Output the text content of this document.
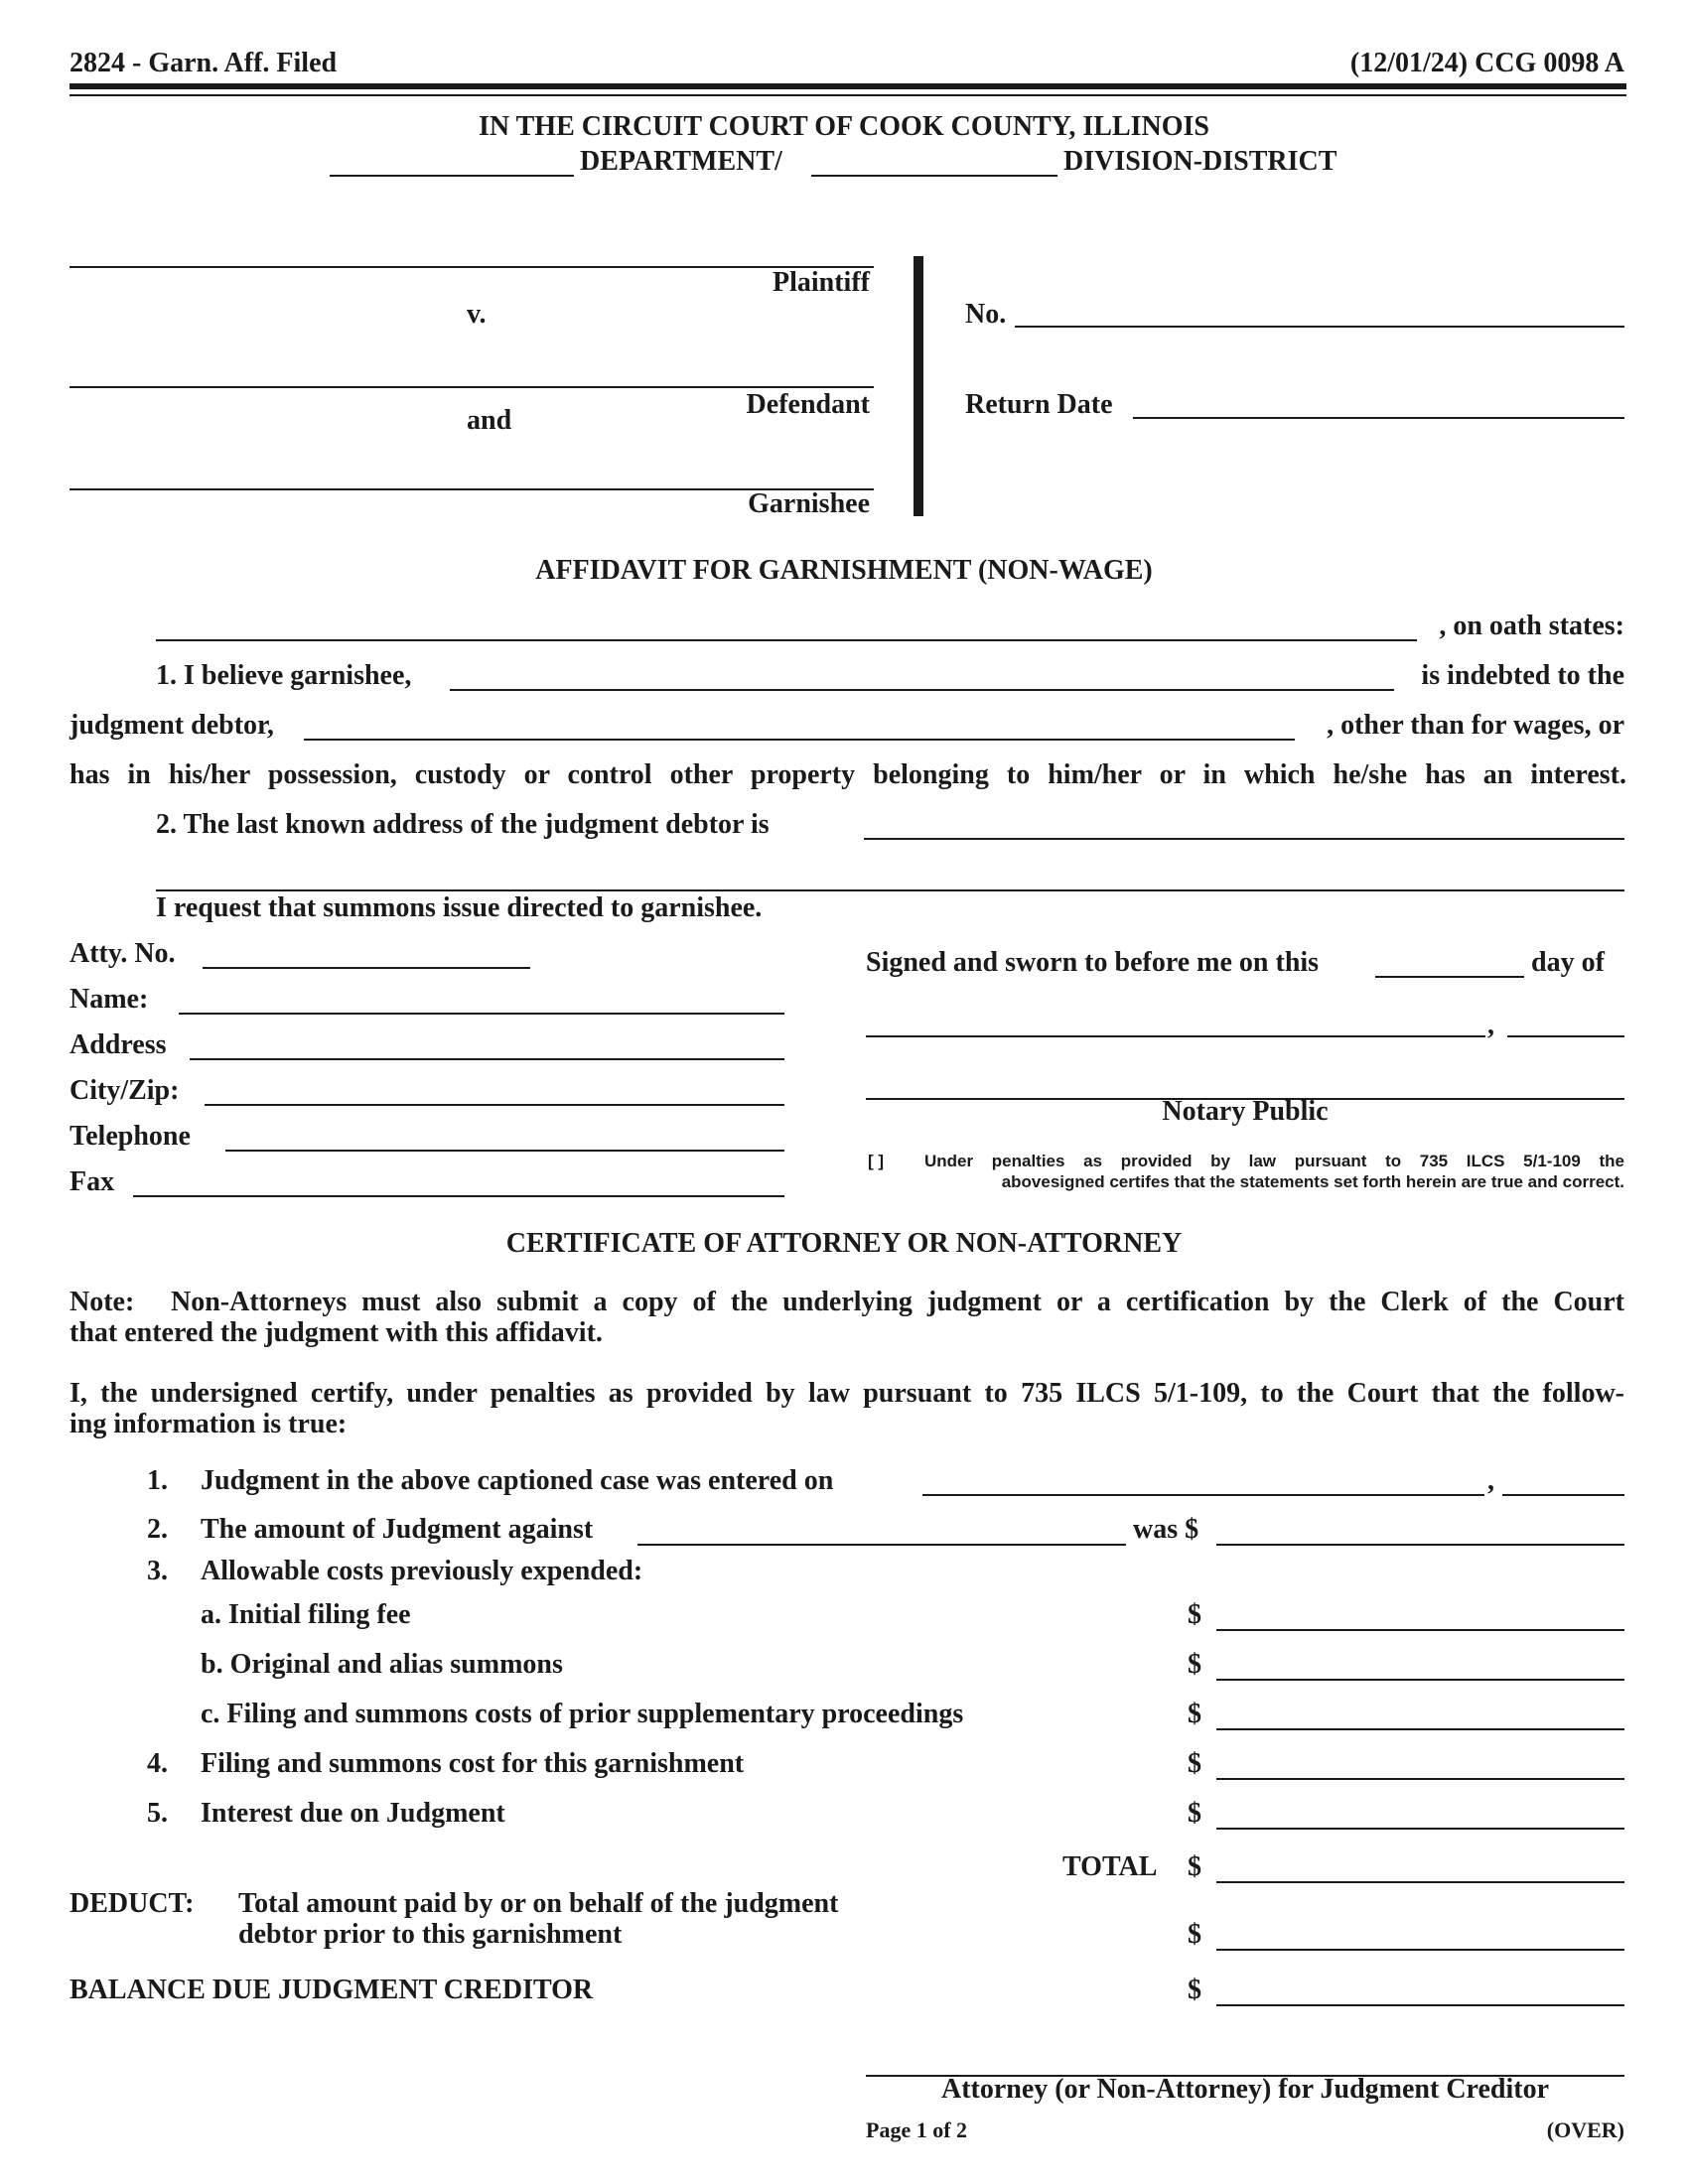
2824 - Garn. Aff. Filed	(12/01/24) CCG 0098 A
IN THE CIRCUIT COURT OF COOK COUNTY, ILLINOIS
DEPARTMENT/	DIVISION-DISTRICT
Plaintiff
v.
Defendant
and
Garnishee
No.
Return Date
AFFIDAVIT FOR GARNISHMENT (NON-WAGE)
, on oath states:
1. I believe garnishee,	is indebted to the
judgment debtor,	, other than for wages, or
has in his/her possession, custody or control other property belonging to him/her or in which he/she has an interest.
2. The last known address of the judgment debtor is
I request that summons issue directed to garnishee.
Atty. No.
Name:
Address
City/Zip:
Telephone
Fax
Signed and sworn to before me on this	day of
,
Notary Public
[ ] Under penalties as provided by law pursuant to 735 ILCS 5/1-109 the
abovesigned certifes that the statements set forth herein are true and correct.
CERTIFICATE OF ATTORNEY OR NON-ATTORNEY
Note: Non-Attorneys must also submit a copy of the underlying judgment or a certification by the Clerk of the Court
that entered the judgment with this affidavit.
I, the undersigned certify, under penalties as provided by law pursuant to 735 ILCS 5/1-109, to the Court that the follow-
ing information is true:
1. Judgment in the above captioned case was entered on	,
2. The amount of Judgment against	was $
3. Allowable costs previously expended:
a. Initial filing fee	$
b. Original and alias summons	$
c. Filing and summons costs of prior supplementary proceedings	$
4. Filing and summons cost for this garnishment	$
5. Interest due on Judgment	$
TOTAL $
DEDUCT: Total amount paid by or on behalf of the judgment
debtor prior to this garnishment	$
BALANCE DUE JUDGMENT CREDITOR	$
Attorney (or Non-Attorney) for Judgment Creditor
Page 1 of 2	(OVER)
